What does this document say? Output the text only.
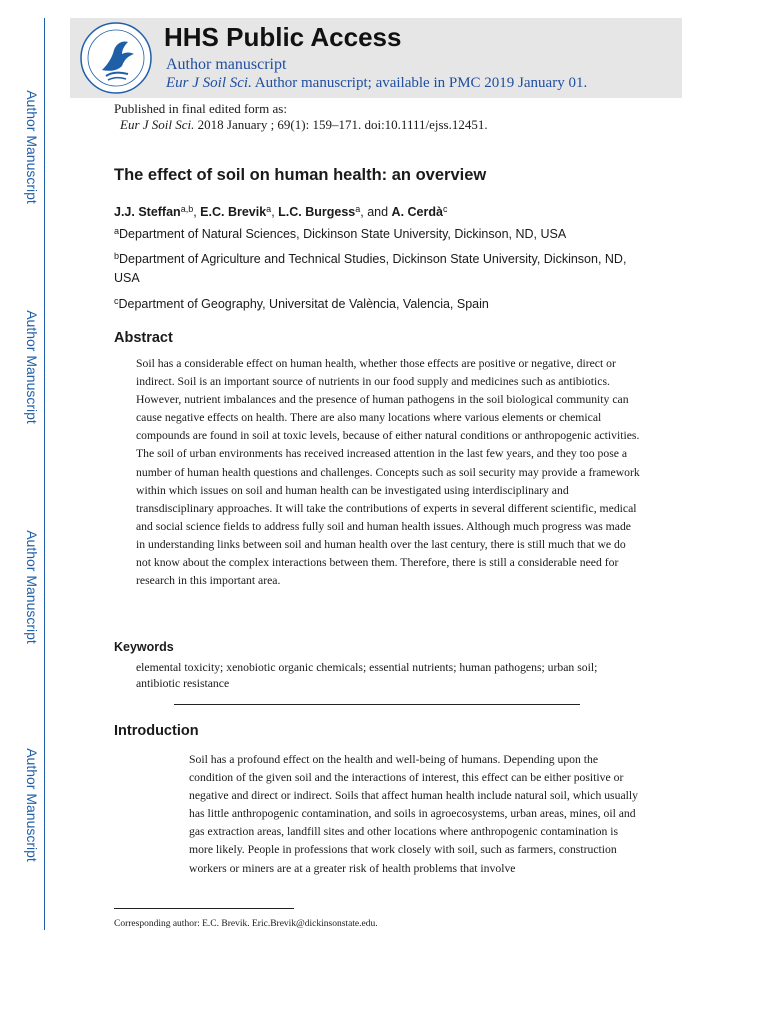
Author Manuscript
Author Manuscript
Author Manuscript
Author Manuscript
HHS Public Access
Author manuscript
Eur J Soil Sci. Author manuscript; available in PMC 2019 January 01.
Published in final edited form as:
Eur J Soil Sci. 2018 January ; 69(1): 159–171. doi:10.1111/ejss.12451.
The effect of soil on human health: an overview
J.J. Steffan$^{a,b}$, E.C. Brevik$^a$, L.C. Burgess$^a$, and A. Cerdà$^c$
$^a$Department of Natural Sciences, Dickinson State University, Dickinson, ND, USA
$^b$Department of Agriculture and Technical Studies, Dickinson State University, Dickinson, ND, USA
$^c$Department of Geography, Universitat de València, Valencia, Spain
Abstract
Soil has a considerable effect on human health, whether those effects are positive or negative, direct or indirect. Soil is an important source of nutrients in our food supply and medicines such as antibiotics. However, nutrient imbalances and the presence of human pathogens in the soil biological community can cause negative effects on health. There are also many locations where various elements or chemical compounds are found in soil at toxic levels, because of either natural conditions or anthropogenic activities. The soil of urban environments has received increased attention in the last few years, and they too pose a number of human health questions and challenges. Concepts such as soil security may provide a framework within which issues on soil and human health can be investigated using interdisciplinary and transdisciplinary approaches. It will take the contributions of experts in several different scientific, medical and social science fields to address fully soil and human health issues. Although much progress was made in understanding links between soil and human health over the last century, there is still much that we do not know about the complex interactions between them. Therefore, there is still a considerable need for research in this important area.
Keywords
elemental toxicity; xenobiotic organic chemicals; essential nutrients; human pathogens; urban soil; antibiotic resistance
Introduction
Soil has a profound effect on the health and well-being of humans. Depending upon the condition of the given soil and the interactions of interest, this effect can be either positive or negative and direct or indirect. Soils that affect human health include natural soil, which usually has little anthropogenic contamination, and soils in agroecosystems, urban areas, mines, oil and gas extraction areas, landfill sites and other locations where anthropogenic contamination is more likely. People in professions that work closely with soil, such as farmers, construction workers or miners are at a greater risk of health problems that involve
Corresponding author: E.C. Brevik. Eric.Brevik@dickinsonstate.edu.
